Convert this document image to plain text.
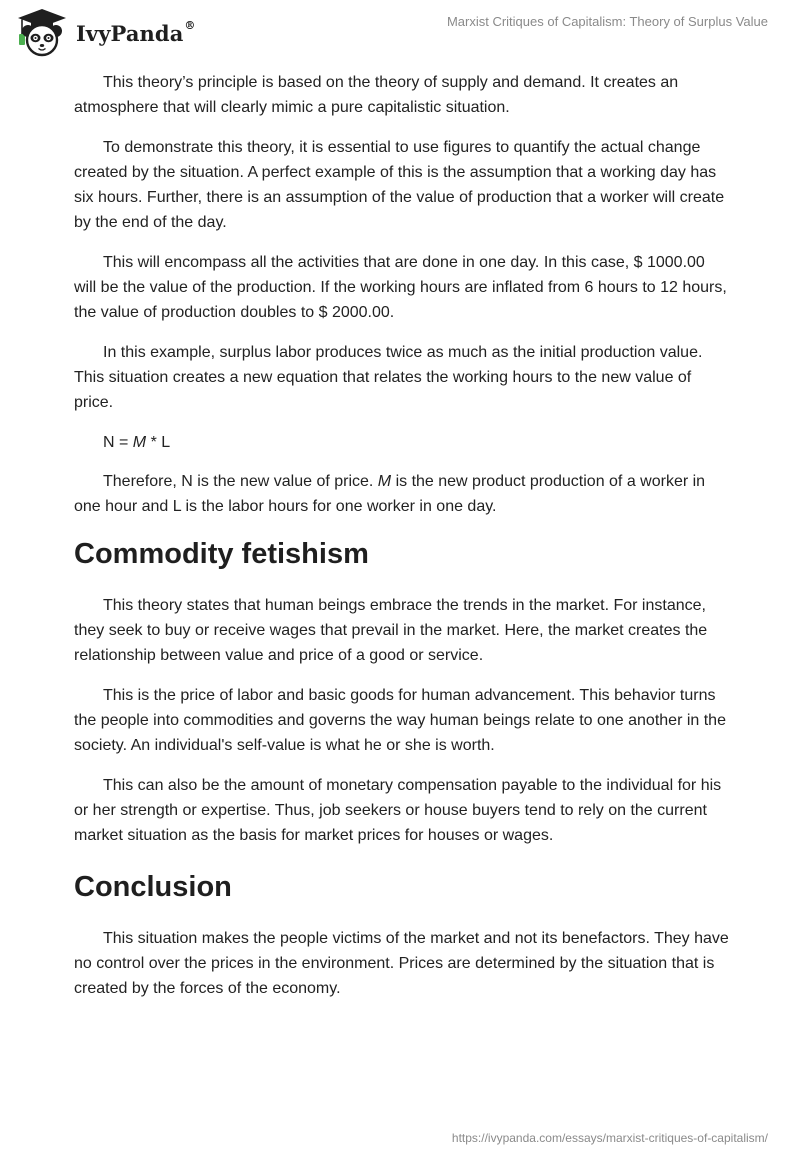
IvyPanda®	Marxist Critiques of Capitalism: Theory of Surplus Value

This theory’s principle is based on the theory of supply and demand. It creates an atmosphere that will clearly mimic a pure capitalistic situation.

To demonstrate this theory, it is essential to use figures to quantify the actual change created by the situation. A perfect example of this is the assumption that a working day has six hours. Further, there is an assumption of the value of production that a worker will create by the end of the day.

This will encompass all the activities that are done in one day. In this case, $ 1000.00 will be the value of the production. If the working hours are inflated from 6 hours to 12 hours, the value of production doubles to $ 2000.00.

In this example, surplus labor produces twice as much as the initial production value. This situation creates a new equation that relates the working hours to the new value of price.

N = M * L

Therefore, N is the new value of price. M is the new product production of a worker in one hour and L is the labor hours for one worker in one day.

Commodity fetishism

This theory states that human beings embrace the trends in the market. For instance, they seek to buy or receive wages that prevail in the market. Here, the market creates the relationship between value and price of a good or service.

This is the price of labor and basic goods for human advancement. This behavior turns the people into commodities and governs the way human beings relate to one another in the society. An individual's self-value is what he or she is worth.

This can also be the amount of monetary compensation payable to the individual for his or her strength or expertise. Thus, job seekers or house buyers tend to rely on the current market situation as the basis for market prices for houses or wages.

Conclusion

This situation makes the people victims of the market and not its benefactors. They have no control over the prices in the environment. Prices are determined by the situation that is created by the forces of the economy.

https://ivypanda.com/essays/marxist-critiques-of-capitalism/
